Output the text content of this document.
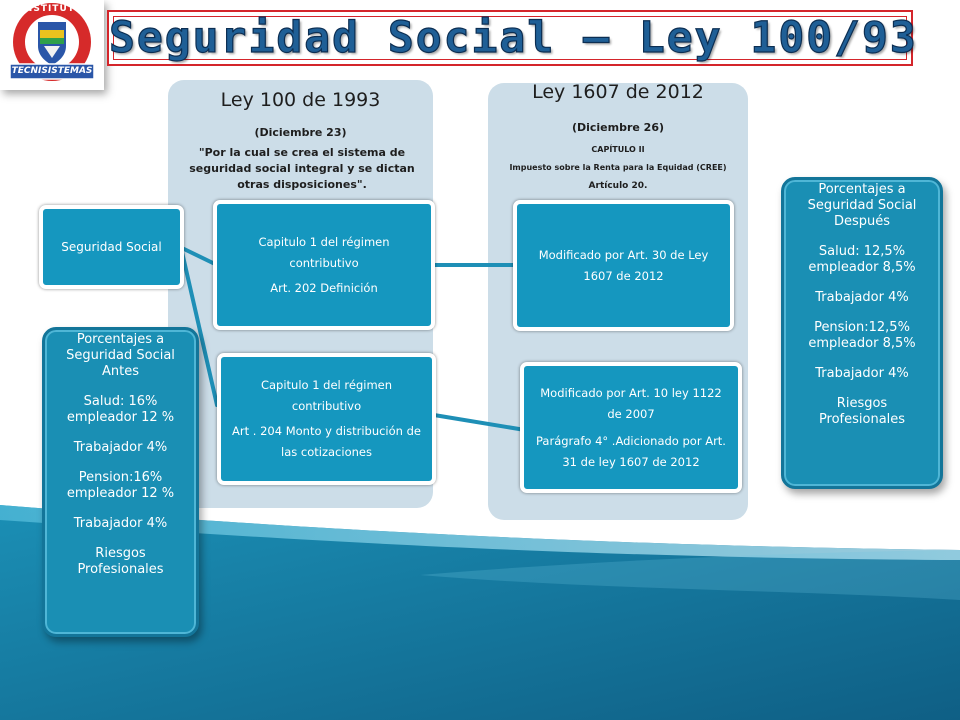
INSTITUTO
TECNISISTEMAS
Seguridad Social – Ley 100/93
Ley 100 de 1993
(Diciembre 23)
"Por la cual se crea el sistema de seguridad social integral y se dictan otras disposiciones".
Ley 1607 de 2012
(Diciembre 26)
CAPÍTULO II
Impuesto sobre la Renta para la Equidad (CREE)
Artículo 20.
Seguridad Social	Capitulo 1 del régimen contributivo
Art. 202 Definición
Capitulo 1 del régimen contributivo
Art . 204 Monto y distribución de las cotizaciones
Modificado por Art. 30 de Ley 1607 de 2012
Modificado por Art. 10 ley 1122 de 2007
Parágrafo 4° .Adicionado por Art. 31 de ley 1607 de 2012
Porcentajes a Seguridad Social Antes
Salud: 16% empleador 12 %
Trabajador 4%
Pension:16% empleador 12 %
Trabajador 4%
Riesgos Profesionales
Porcentajes a Seguridad Social Después
Salud: 12,5% empleador 8,5%
Trabajador 4%
Pension:12,5% empleador 8,5%
Trabajador 4%
Riesgos Profesionales
